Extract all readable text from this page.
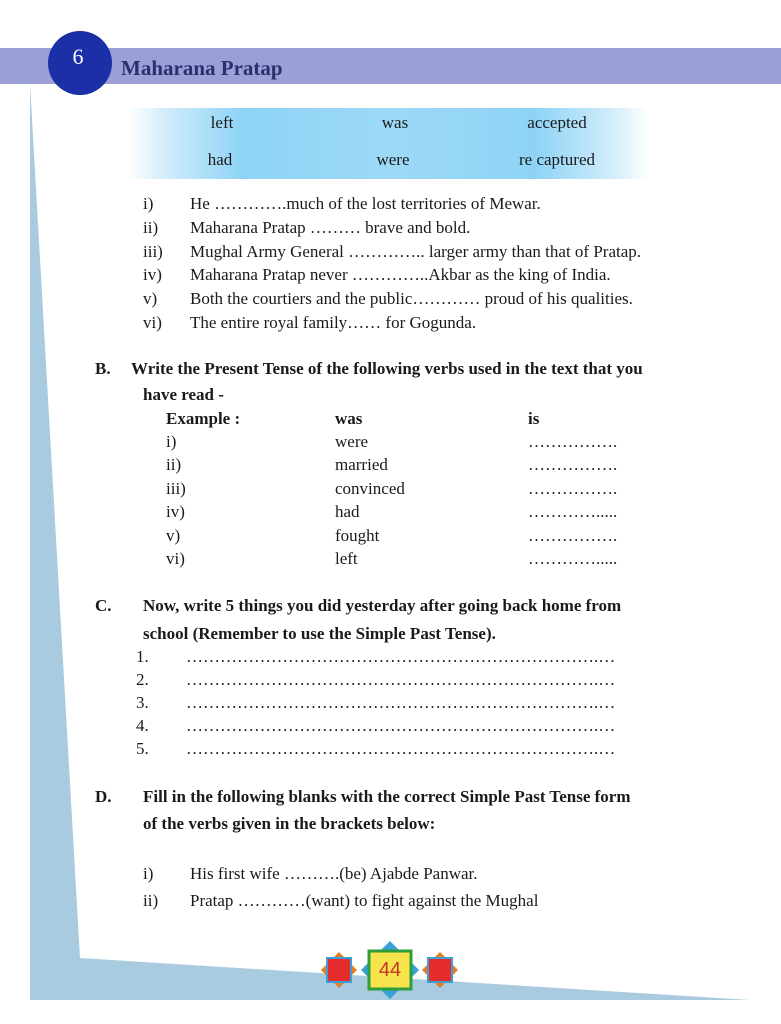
6	Maharana Pratap
left	was	accepted
had	were	re captured
i) He ………….much of the lost territories of Mewar.
ii) Maharana Pratap ……… brave and bold.
iii) Mughal Army General ………….. larger army than that of Pratap.
iv) Maharana Pratap never …………..Akbar as the king of India.
v) Both the courtiers and the public………… proud of his qualities.
vi) The entire royal family…… for Gogunda.
B. Write the Present Tense of the following verbs used in the text that you
have read -
Example :	was	is
i)	were	…………….
ii)	married	…………….
iii)	convinced	…………….
iv)	had	………….....
v)	fought	…………….
vi)	left	………….....
C. Now, write 5 things you did yesterday after going back home from
school (Remember to use the Simple Past Tense).
1. ……………………………………………………………….…
2. ……………………………………………………………….…
3. ……………………………………………………………….…
4. ……………………………………………………………….…
5. ……………………………………………………………….…
D. Fill in the following blanks with the correct Simple Past Tense form
of the verbs given in the brackets below:
i) His first wife ……….(be) Ajabde Panwar.
ii) Pratap …………(want) to fight against the Mughal
44
